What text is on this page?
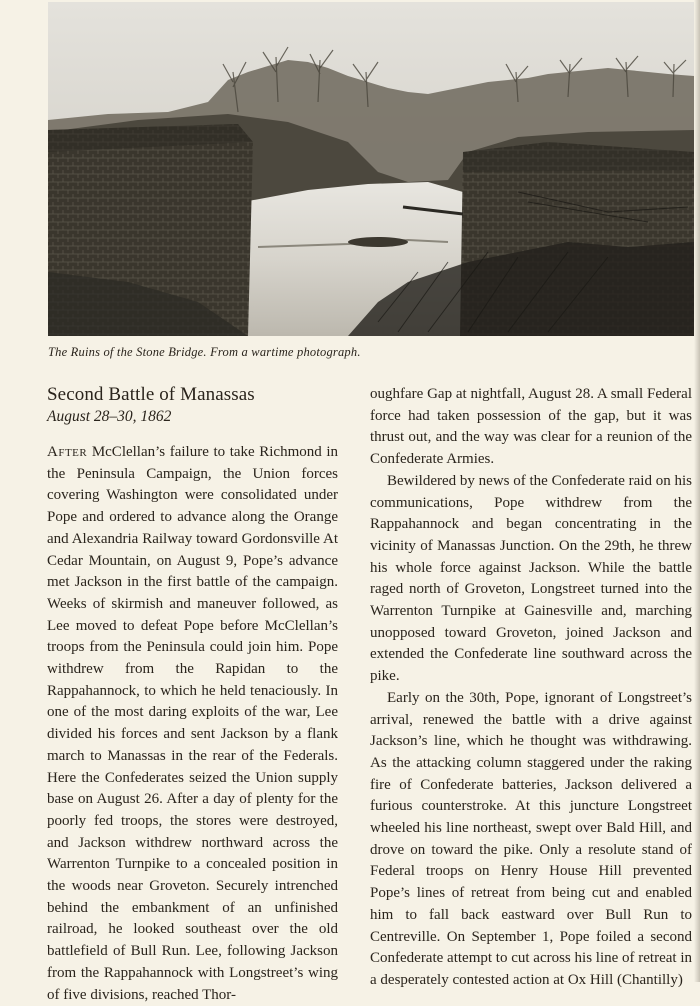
The Ruins of the Stone Bridge. From a wartime photograph.
Second Battle of Manassas
August 28–30, 1862

After McClellan’s failure to take Richmond in the Peninsula Campaign, the Union forces covering Washington were consolidated under Pope and ordered to advance along the Orange and Alexandria Railway toward Gordonsville At Cedar Mountain, on August 9, Pope’s advance met Jackson in the first battle of the campaign. Weeks of skirmish and maneuver followed, as Lee moved to defeat Pope before McClellan’s troops from the Peninsula could join him. Pope withdrew from the Rapidan to the Rappahannock, to which he held tenaciously. In one of the most daring exploits of the war, Lee divided his forces and sent Jackson by a flank march to Manassas in the rear of the Federals. Here the Confederates seized the Union supply base on August 26. After a day of plenty for the poorly fed troops, the stores were destroyed, and Jackson withdrew northward across the Warrenton Turnpike to a concealed position in the woods near Groveton. Securely intrenched behind the embankment of an unfinished railroad, he looked southeast over the old battlefield of Bull Run. Lee, following Jackson from the Rappahannock with Longstreet’s wing of five divisions, reached Thor-

oughfare Gap at nightfall, August 28. A small Federal force had taken possession of the gap, but it was thrust out, and the way was clear for a reunion of the Confederate Armies.

Bewildered by news of the Confederate raid on his communications, Pope withdrew from the Rappahannock and began concentrating in the vicinity of Manassas Junction. On the 29th, he threw his whole force against Jackson. While the battle raged north of Groveton, Longstreet turned into the Warrenton Turnpike at Gainesville and, marching unopposed toward Groveton, joined Jackson and extended the Confederate line southward across the pike.

Early on the 30th, Pope, ignorant of Longstreet’s arrival, renewed the battle with a drive against Jackson’s line, which he thought was withdrawing. As the attacking column staggered under the raking fire of Confederate batteries, Jackson delivered a furious counterstroke. At this juncture Longstreet wheeled his line northeast, swept over Bald Hill, and drove on toward the pike. Only a resolute stand of Federal troops on Henry House Hill prevented Pope’s lines of retreat from being cut and enabled him to fall back eastward over Bull Run to Centreville. On September 1, Pope foiled a second Confederate attempt to cut across his line of retreat in a desperately contested action at Ox Hill (Chantilly)
